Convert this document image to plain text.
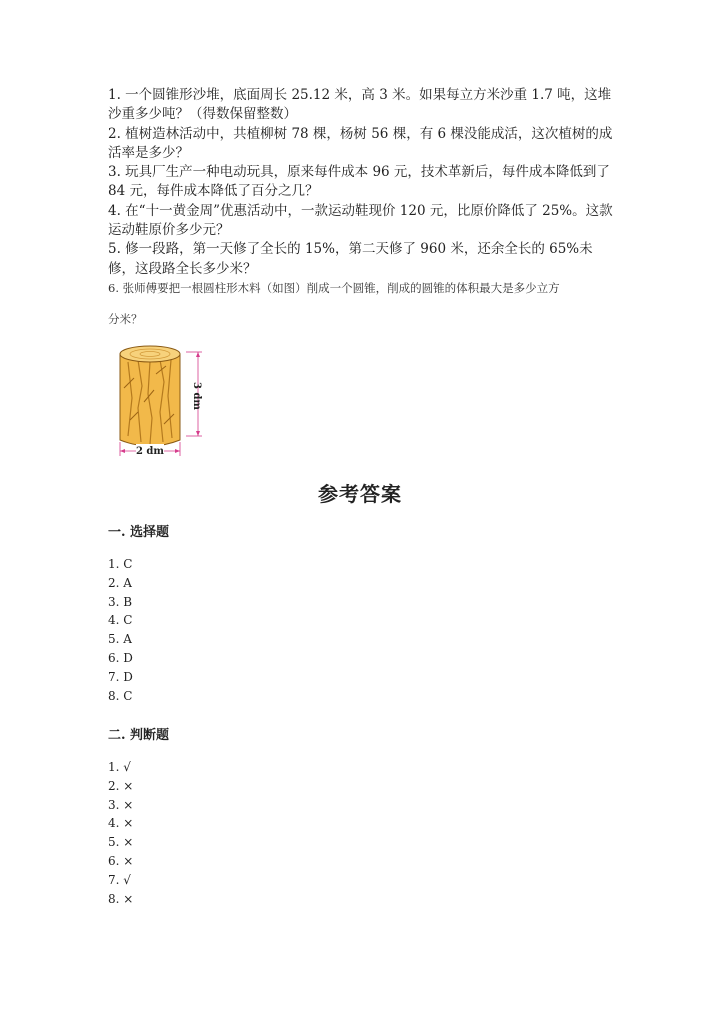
1. 一个圆锥形沙堆，底面周长 25.12 米，高 3 米。如果每立方米沙重 1.7 吨，这堆沙重多少吨？（得数保留整数）

2. 植树造林活动中，共植柳树 78 棵，杨树 56 棵，有 6 棵没能成活，这次植树的成活率是多少？

3. 玩具厂生产一种电动玩具，原来每件成本 96 元，技术革新后，每件成本降低到了 84 元，每件成本降低了百分之几？

4. 在“十一黄金周”优惠活动中，一款运动鞋现价 120 元，比原价降低了 25%。这款运动鞋原价多少元？

5. 修一段路，第一天修了全长的 15%，第二天修了 960 米，还余全长的 65%未修，这段路全长多少米？

6. 张师傅要把一根圆柱形木料（如图）削成一个圆锥，削成的圆锥的体积最大是多少立方

分米？
3 dm
2 dm
参考答案
一. 选择题
1. C
2. A
3. B
4. C
5. A
6. D
7. D
8. C
二. 判断题
1. √
2. ×
3. ×
4. ×
5. ×
6. ×
7. √
8. ×
